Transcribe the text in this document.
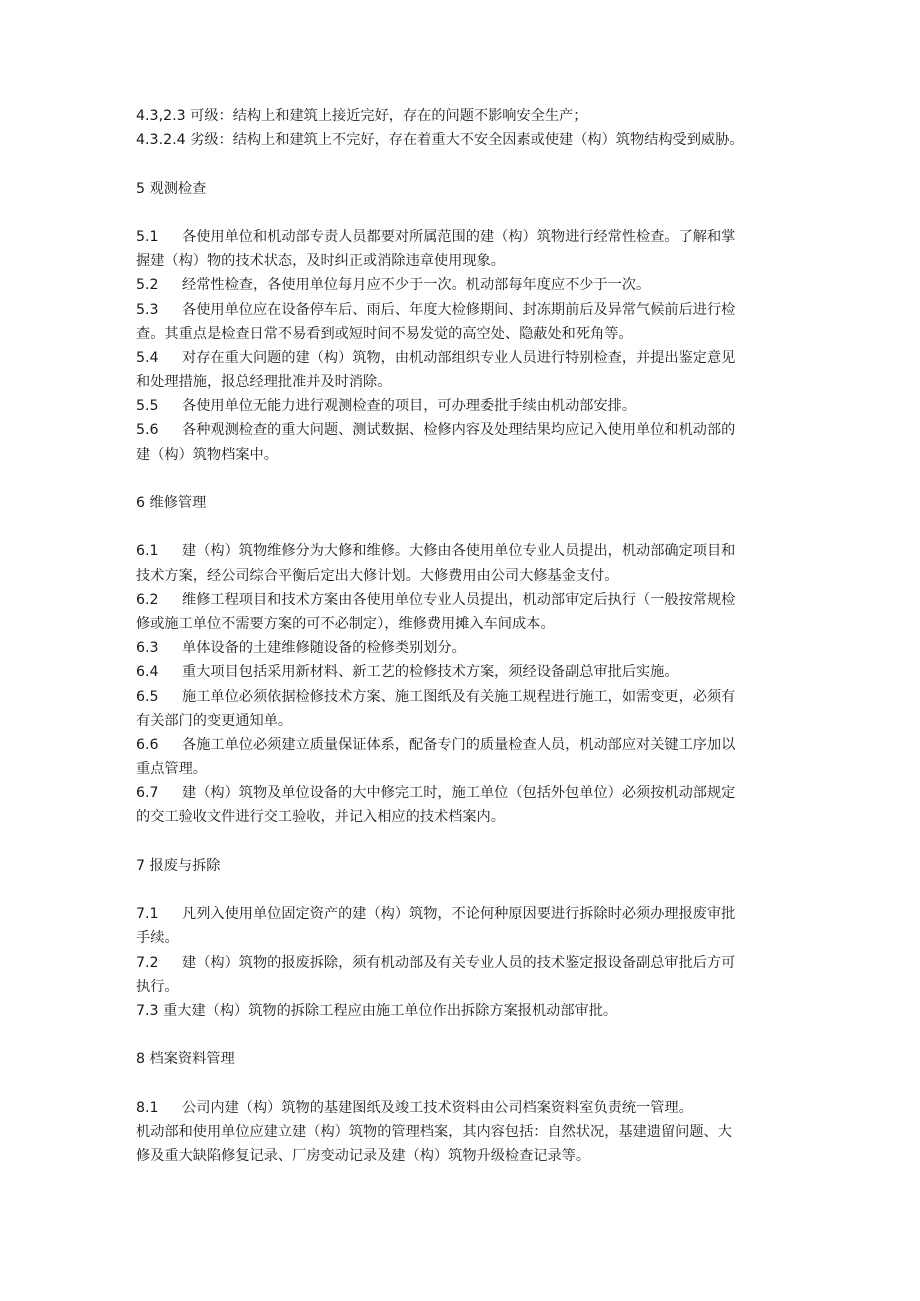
4.3,2.3 可级：结构上和建筑上接近完好，存在的问题不影响安全生产；
4.3.2.4 劣级：结构上和建筑上不完好，存在着重大不安全因素或使建（构）筑物结构受到威胁。
5 观测检查
5.1 各使用单位和机动部专责人员都要对所属范围的建（构）筑物进行经常性检查。了解和掌
握建（构）物的技术状态，及时纠正或消除违章使用现象。
5.2 经常性检查，各使用单位每月应不少于一次。机动部每年度应不少于一次。
5.3 各使用单位应在设备停车后、雨后、年度大检修期间、封冻期前后及异常气候前后进行检
查。其重点是检查日常不易看到或短时间不易发觉的高空处、隐蔽处和死角等。
5.4 对存在重大问题的建（构）筑物，由机动部组织专业人员进行特别检查，并提出鉴定意见
和处理措施，报总经理批准并及时消除。
5.5 各使用单位无能力进行观测检查的项目，可办理委批手续由机动部安排。
5.6 各种观测检查的重大问题、测试数据、检修内容及处理结果均应记入使用单位和机动部的
建（构）筑物档案中。
6 维修管理
6.1 建（构）筑物维修分为大修和维修。大修由各使用单位专业人员提出，机动部确定项目和
技术方案，经公司综合平衡后定出大修计划。大修费用由公司大修基金支付。
6.2 维修工程项目和技术方案由各使用单位专业人员提出，机动部审定后执行（一般按常规检
修或施工单位不需要方案的可不必制定），维修费用摊入车间成本。
6.3 单体设备的土建维修随设备的检修类别划分。
6.4 重大项目包括采用新材料、新工艺的检修技术方案，须经设备副总审批后实施。
6.5 施工单位必须依据检修技术方案、施工图纸及有关施工规程进行施工，如需变更，必须有
有关部门的变更通知单。
6.6 各施工单位必须建立质量保证体系，配备专门的质量检查人员，机动部应对关键工序加以
重点管理。
6.7 建（构）筑物及单位设备的大中修完工时，施工单位（包括外包单位）必须按机动部规定
的交工验收文件进行交工验收，并记入相应的技术档案内。
7 报废与拆除
7.1 凡列入使用单位固定资产的建（构）筑物，不论何种原因要进行拆除时必须办理报废审批
手续。
7.2 建（构）筑物的报废拆除，须有机动部及有关专业人员的技术鉴定报设备副总审批后方可
执行。
7.3 重大建（构）筑物的拆除工程应由施工单位作出拆除方案报机动部审批。
8 档案资料管理
8.1 公司内建（构）筑物的基建图纸及竣工技术资料由公司档案资料室负责统一管理。
机动部和使用单位应建立建（构）筑物的管理档案，其内容包括：自然状况，基建遗留问题、大
修及重大缺陷修复记录、厂房变动记录及建（构）筑物升级检查记录等。
